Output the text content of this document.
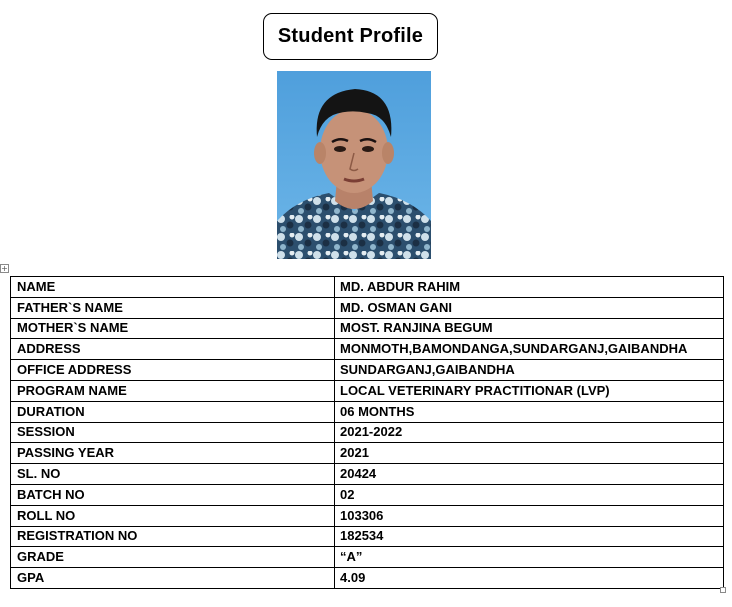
Student Profile
+
NAME	MD. ABDUR RAHIM
FATHER`S NAME	MD. OSMAN GANI
MOTHER`S NAME	MOST. RANJINA BEGUM
ADDRESS	MONMOTH,BAMONDANGA,SUNDARGANJ,GAIBANDHA
OFFICE ADDRESS	SUNDARGANJ,GAIBANDHA
PROGRAM NAME	LOCAL VETERINARY PRACTITIONAR (LVP)
DURATION	06 MONTHS
SESSION	2021-2022
PASSING YEAR	2021
SL. NO	20424
BATCH NO	02
ROLL NO	103306
REGISTRATION NO	182534
GRADE	“A”
GPA	4.09
